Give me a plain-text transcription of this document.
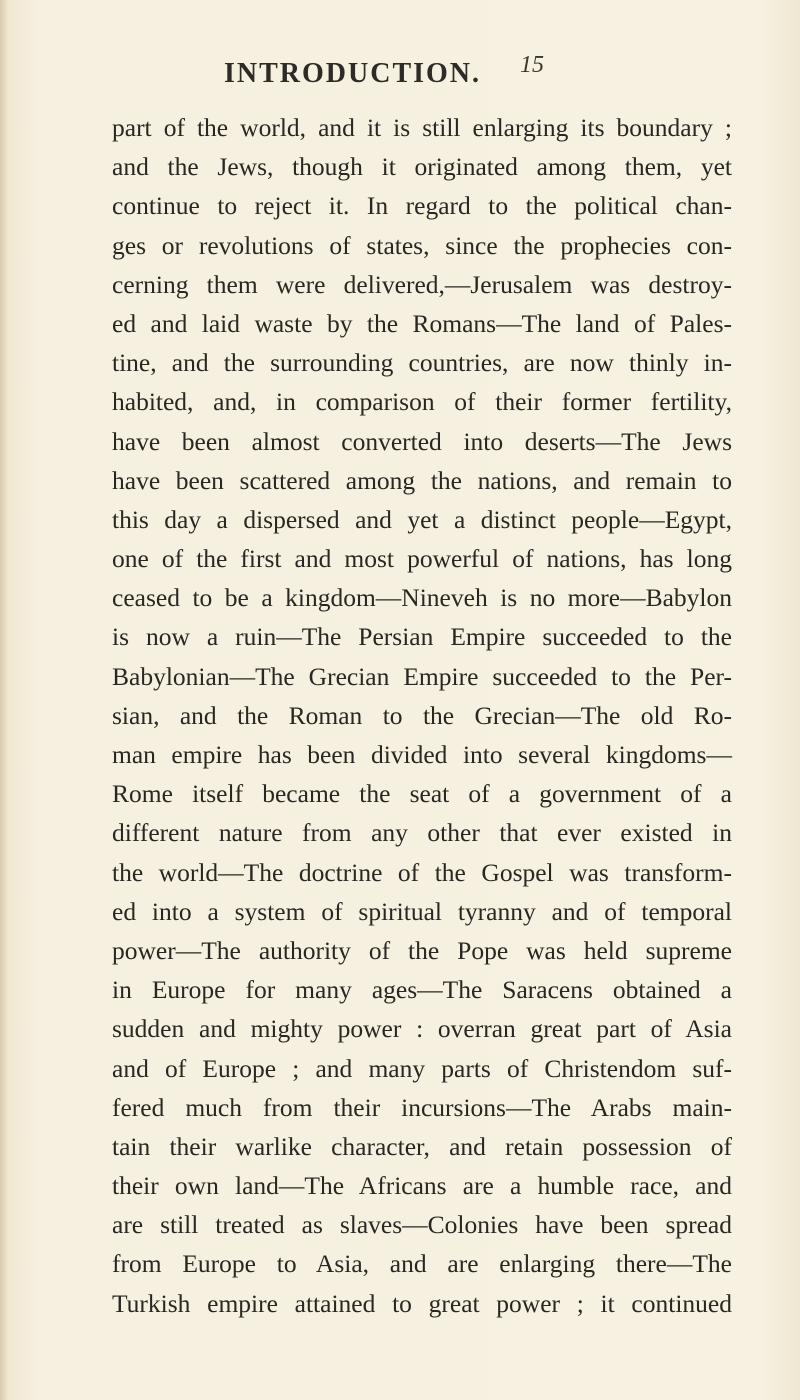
INTRODUCTION. 15
part of the world, and it is still enlarging its boundary ;
and the Jews, though it originated among them, yet
continue to reject it. In regard to the political chan-
ges or revolutions of states, since the prophecies con-
cerning them were delivered,—Jerusalem was destroy-
ed and laid waste by the Romans—The land of Pales-
tine, and the surrounding countries, are now thinly in-
habited, and, in comparison of their former fertility,
have been almost converted into deserts—The Jews
have been scattered among the nations, and remain to
this day a dispersed and yet a distinct people—Egypt,
one of the first and most powerful of nations, has long
ceased to be a kingdom—Nineveh is no more—Babylon
is now a ruin—The Persian Empire succeeded to the
Babylonian—The Grecian Empire succeeded to the Per-
sian, and the Roman to the Grecian—The old Ro-
man empire has been divided into several kingdoms—
Rome itself became the seat of a government of a
different nature from any other that ever existed in
the world—The doctrine of the Gospel was transform-
ed into a system of spiritual tyranny and of temporal
power—The authority of the Pope was held supreme
in Europe for many ages—The Saracens obtained a
sudden and mighty power : overran great part of Asia
and of Europe ; and many parts of Christendom suf-
fered much from their incursions—The Arabs main-
tain their warlike character, and retain possession of
their own land—The Africans are a humble race, and
are still treated as slaves—Colonies have been spread
from Europe to Asia, and are enlarging there—The
Turkish empire attained to great power ; it continued
